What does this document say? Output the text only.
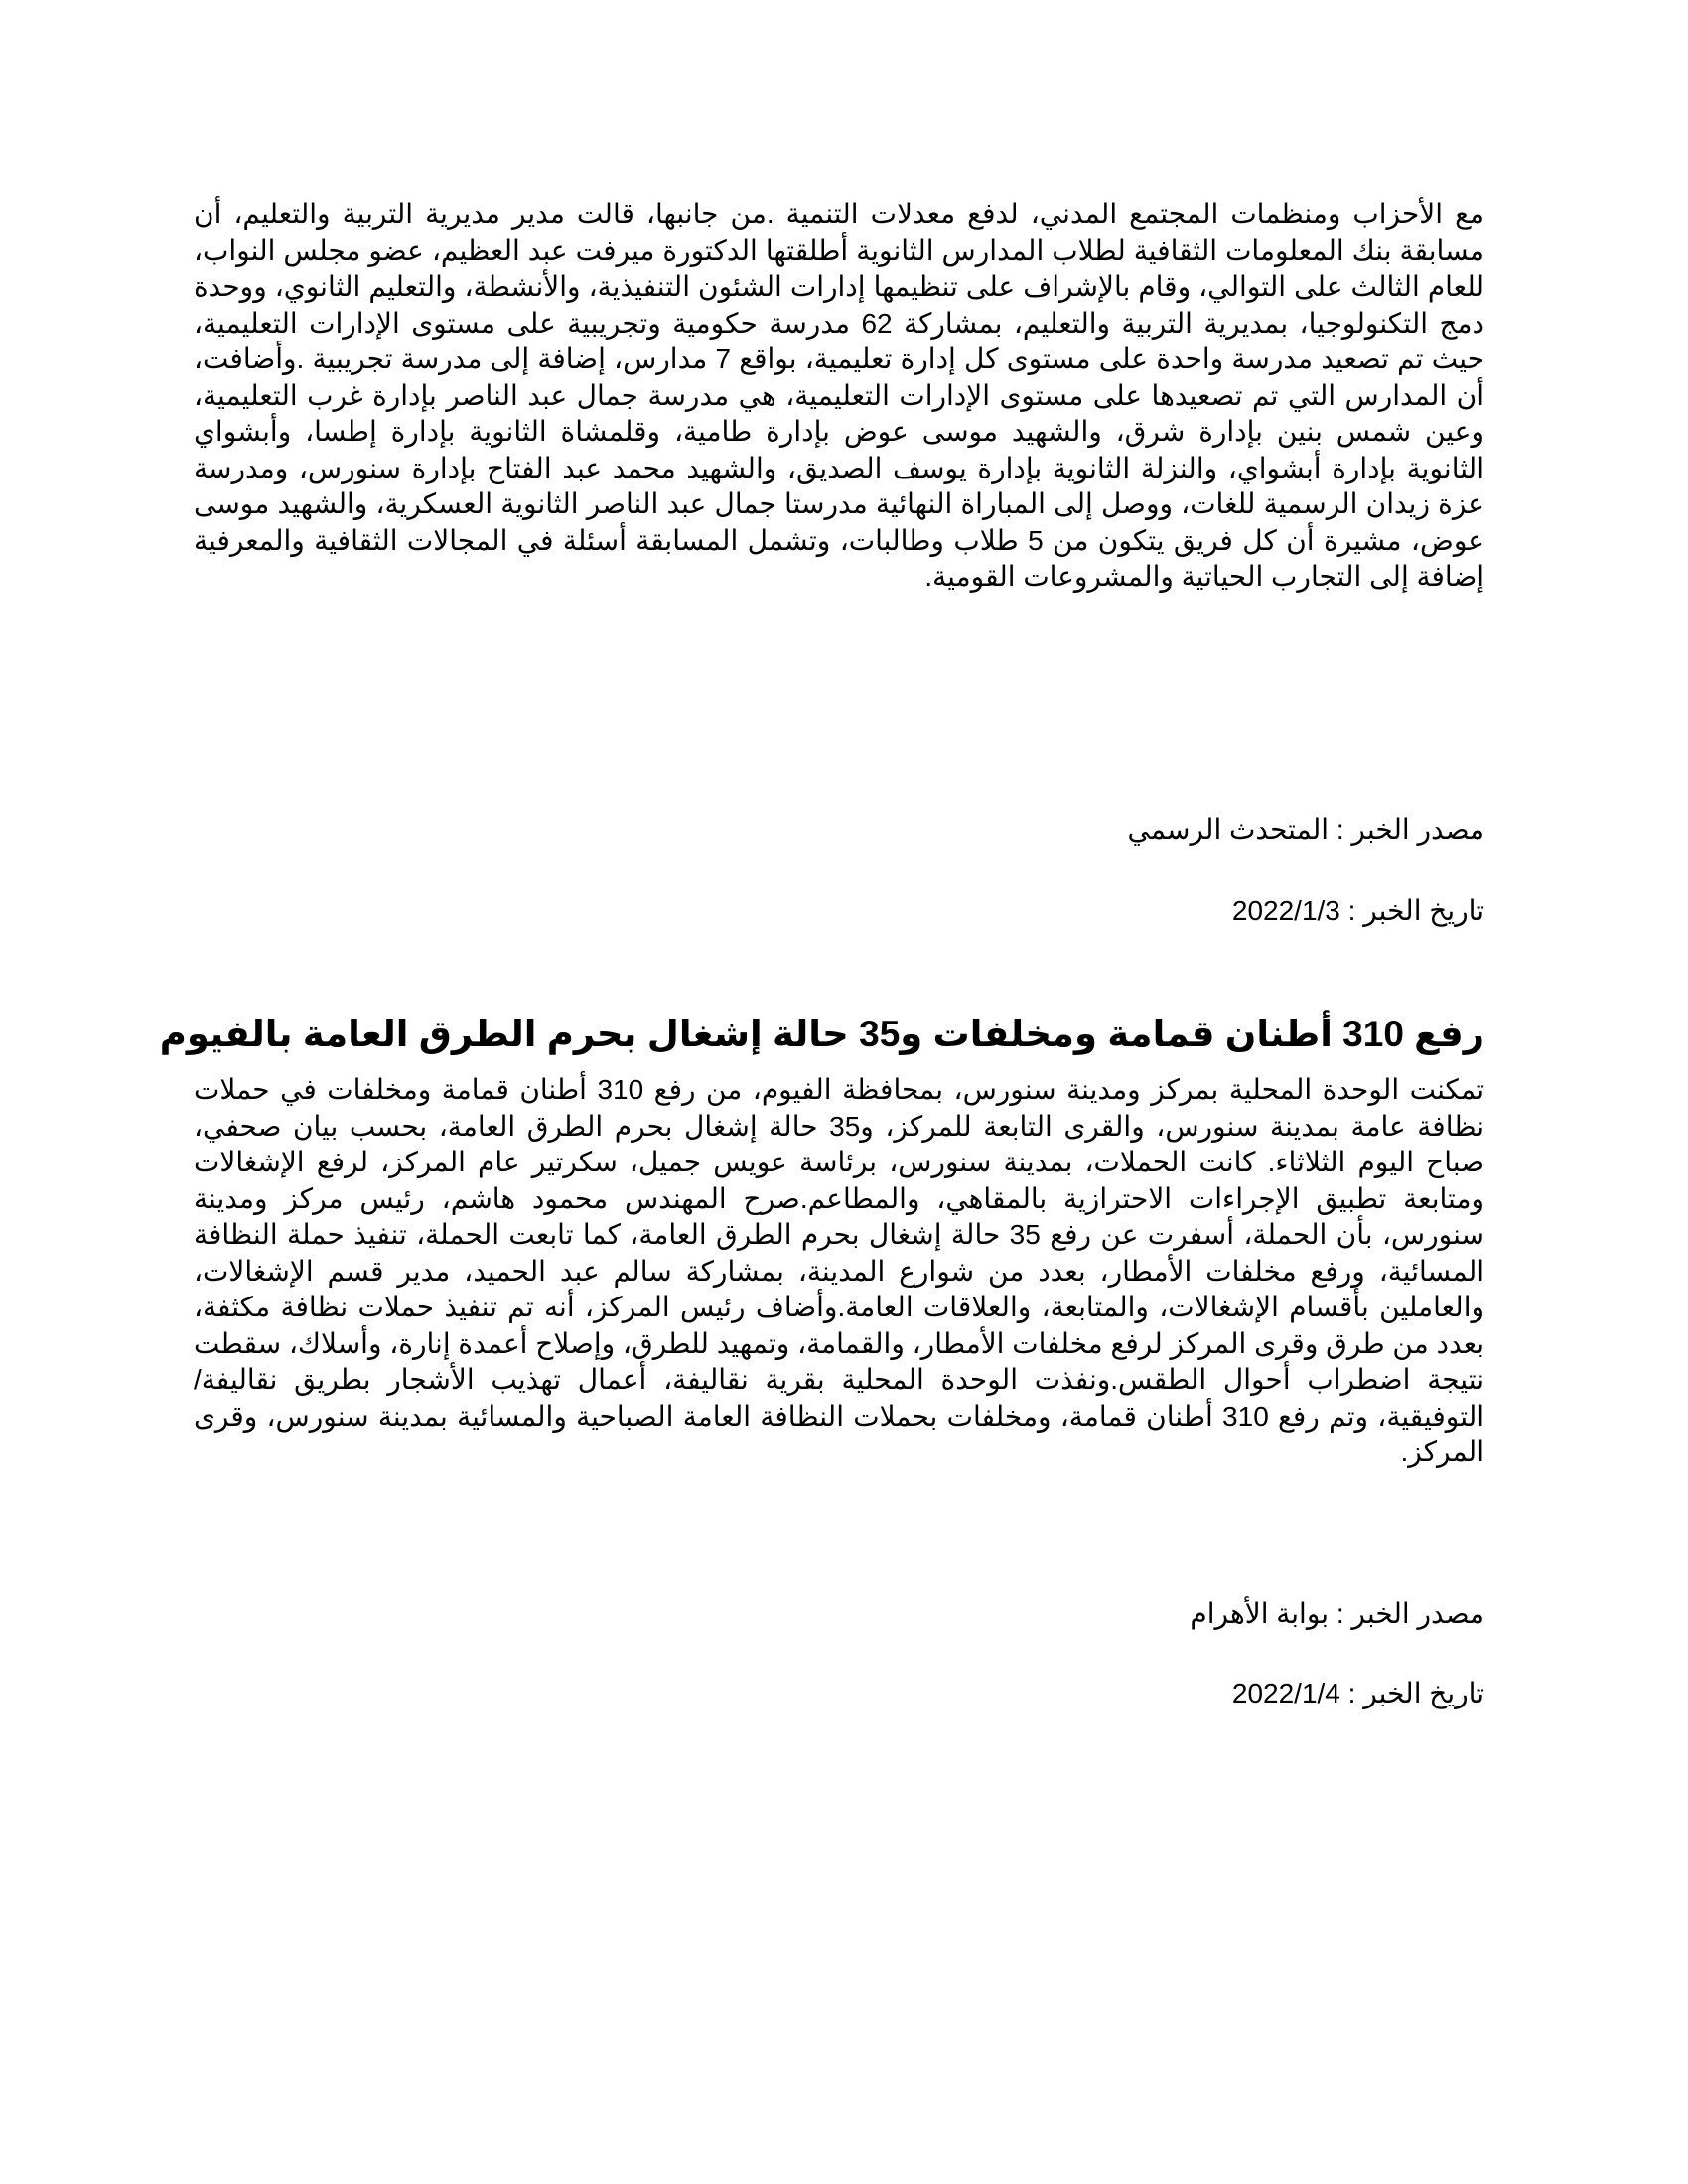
مع الأحزاب ومنظمات المجتمع المدني، لدفع معدلات التنمية .من جانبها، قالت مدير مديرية التربية والتعليم، أن مسابقة بنك المعلومات الثقافية لطلاب المدارس الثانوية أطلقتها الدكتورة ميرفت عبد العظيم، عضو مجلس النواب، للعام الثالث على التوالي، وقام بالإشراف على تنظيمها إدارات الشئون التنفيذية، والأنشطة، والتعليم الثانوي، ووحدة دمج التكنولوجيا، بمديرية التربية والتعليم، بمشاركة 62 مدرسة حكومية وتجريبية على مستوى الإدارات التعليمية، حيث تم تصعيد مدرسة واحدة على مستوى كل إدارة تعليمية، بواقع 7 مدارس، إضافة إلى مدرسة تجريبية .وأضافت، أن المدارس التي تم تصعيدها على مستوى الإدارات التعليمية، هي مدرسة جمال عبد الناصر بإدارة غرب التعليمية، وعين شمس بنين بإدارة شرق، والشهيد موسى عوض بإدارة طامية، وقلمشاة الثانوية بإدارة إطسا، وأبشواي الثانوية بإدارة أبشواي، والنزلة الثانوية بإدارة يوسف الصديق، والشهيد محمد عبد الفتاح بإدارة سنورس، ومدرسة عزة زيدان الرسمية للغات، ووصل إلى المباراة النهائية مدرستا جمال عبد الناصر الثانوية العسكرية، والشهيد موسى عوض، مشيرة أن كل فريق يتكون من 5 طلاب وطالبات، وتشمل المسابقة أسئلة في المجالات الثقافية والمعرفية إضافة إلى التجارب الحياتية والمشروعات القومية.

مصدر الخبر : المتحدث الرسمي

تاريخ الخبر : 2022/1/3

رفع 310 أطنان قمامة ومخلفات و35 حالة إشغال بحرم الطرق العامة بالفيوم

تمكنت الوحدة المحلية بمركز ومدينة سنورس، بمحافظة الفيوم، من رفع 310 أطنان قمامة ومخلفات في حملات نظافة عامة بمدينة سنورس، والقرى التابعة للمركز، و35 حالة إشغال بحرم الطرق العامة، بحسب بيان صحفي، صباح اليوم الثلاثاء. كانت الحملات، بمدينة سنورس، برئاسة عويس جميل، سكرتير عام المركز، لرفع الإشغالات ومتابعة تطبيق الإجراءات الاحترازية بالمقاهي، والمطاعم.صرح المهندس محمود هاشم، رئيس مركز ومدينة سنورس، بأن الحملة، أسفرت عن رفع 35 حالة إشغال بحرم الطرق العامة، كما تابعت الحملة، تنفيذ حملة النظافة المسائية، ورفع مخلفات الأمطار، بعدد من شوارع المدينة، بمشاركة سالم عبد الحميد، مدير قسم الإشغالات، والعاملين بأقسام الإشغالات، والمتابعة، والعلاقات العامة.وأضاف رئيس المركز، أنه تم تنفيذ حملات نظافة مكثفة، بعدد من طرق وقرى المركز لرفع مخلفات الأمطار، والقمامة، وتمهيد للطرق، وإصلاح أعمدة إنارة، وأسلاك، سقطت نتيجة اضطراب أحوال الطقس.ونفذت الوحدة المحلية بقرية نقاليفة، أعمال تهذيب الأشجار بطريق نقاليفة/التوفيقية، وتم رفع 310 أطنان قمامة، ومخلفات بحملات النظافة العامة الصباحية والمسائية بمدينة سنورس، وقرى المركز.

مصدر الخبر : بوابة الأهرام

تاريخ الخبر : 2022/1/4
